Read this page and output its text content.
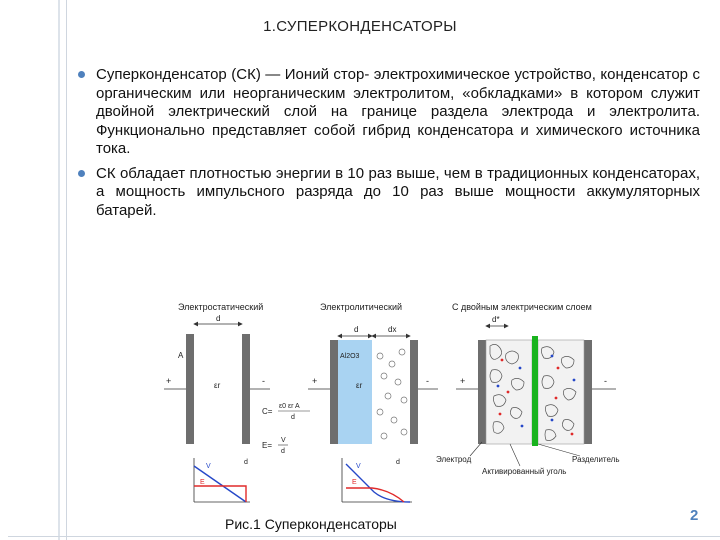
1.СУПЕРКОНДЕНСАТОРЫ
Суперконденсатор (СК) — Ионий стор- электрохимическое устройство, конденсатор с органическим или неорганическим электролитом, «обкладками» в котором служит двойной электрический слой на границе раздела электрода и электролита. Функционально представляет собой гибрид конденсатора и химического источника тока.
СК обладает плотностью энергии в 10 раз выше, чем в традиционных конденсаторах, а мощность импульсного разряда до 10 раз выше мощности аккумуляторных батарей.
Электростатический
d
A
εr
+	-
C=
ε0 εr A
d
E=
V
d
V
E
d
Электролитический
d	dx
Al2O3
εr
+	-
V
E
d
С двойным электрическим слоем
d*
+	-
Электрод
Активированный уголь
Разделитель
Рис.1 Суперконденсаторы	2
